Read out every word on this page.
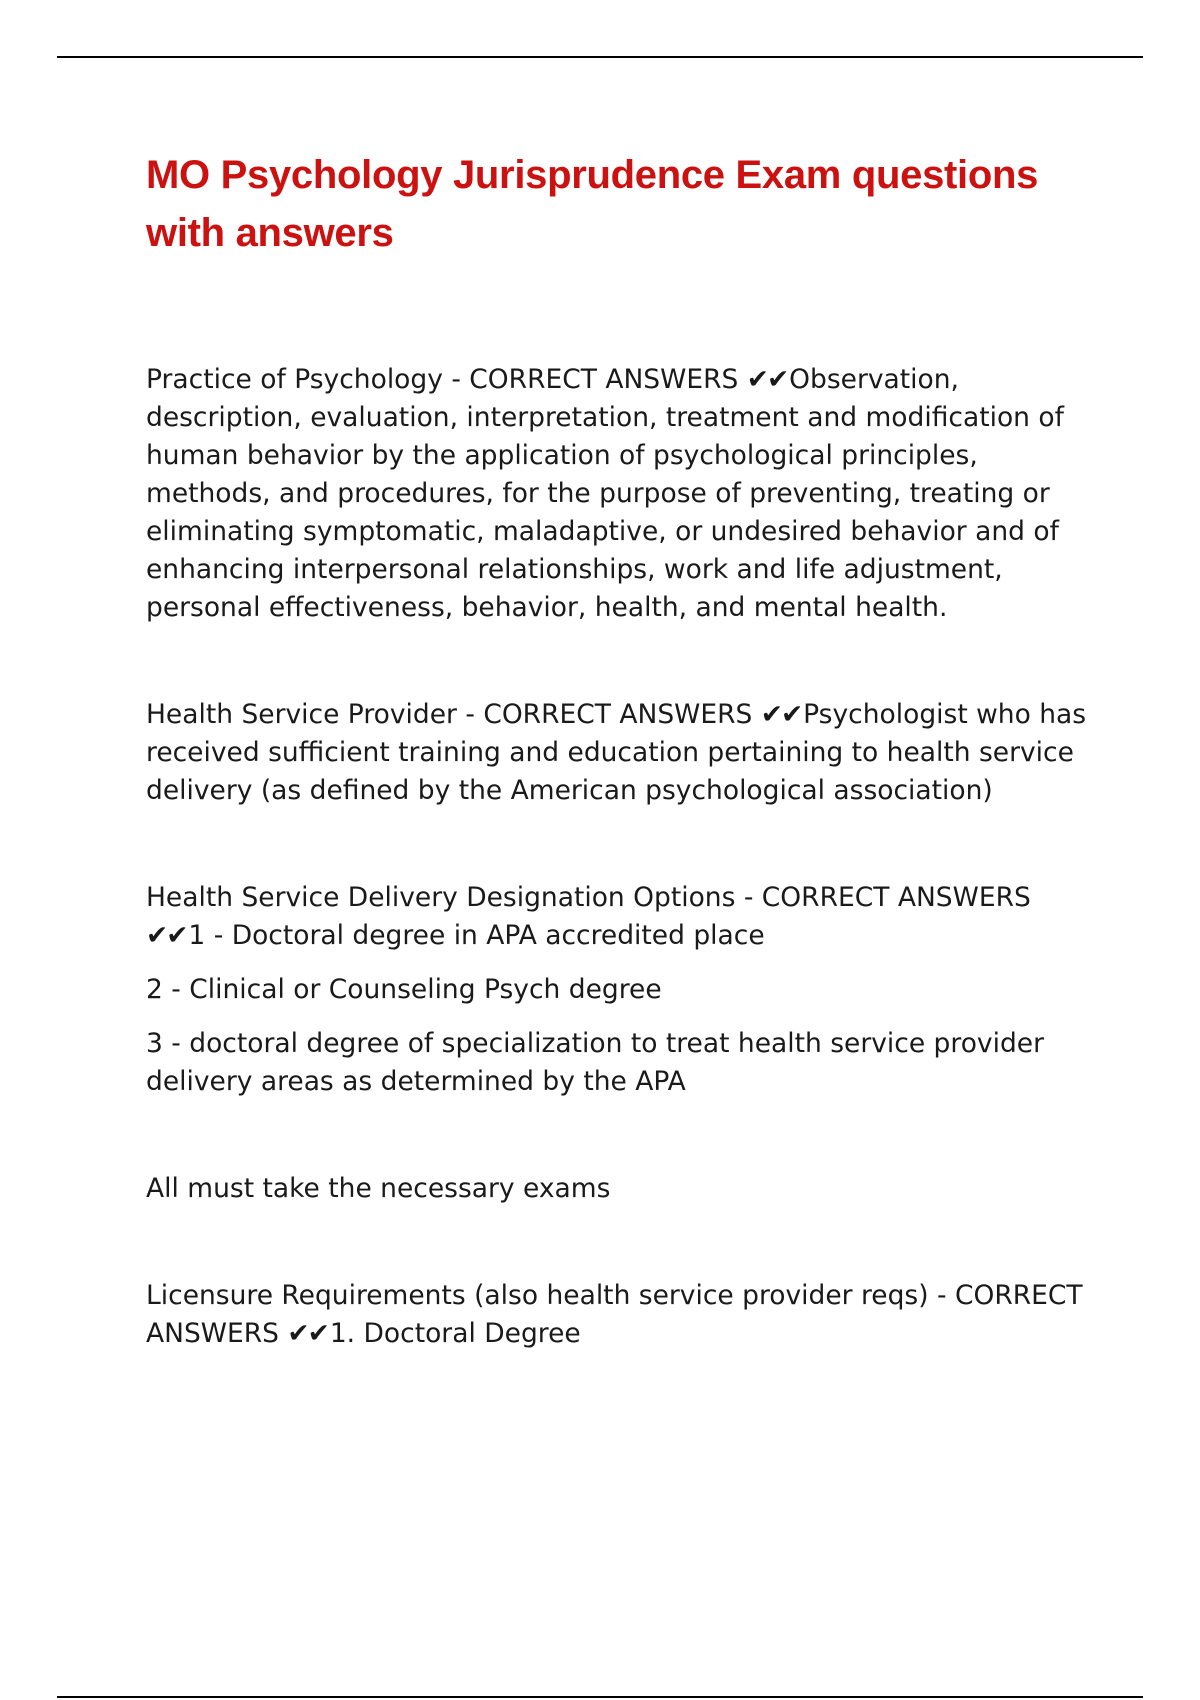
MO Psychology Jurisprudence Exam questions with answers

Practice of Psychology - CORRECT ANSWERS ✔✔Observation, description, evaluation, interpretation, treatment and modification of human behavior by the application of psychological principles, methods, and procedures, for the purpose of preventing, treating or eliminating symptomatic, maladaptive, or undesired behavior and of enhancing interpersonal relationships, work and life adjustment, personal effectiveness, behavior, health, and mental health.

Health Service Provider - CORRECT ANSWERS ✔✔Psychologist who has received sufficient training and education pertaining to health service delivery (as defined by the American psychological association)

Health Service Delivery Designation Options - CORRECT ANSWERS ✔✔1 - Doctoral degree in APA accredited place

2 - Clinical or Counseling Psych degree

3 - doctoral degree of specialization to treat health service provider delivery areas as determined by the APA

All must take the necessary exams

Licensure Requirements (also health service provider reqs) - CORRECT ANSWERS ✔✔1. Doctoral Degree
